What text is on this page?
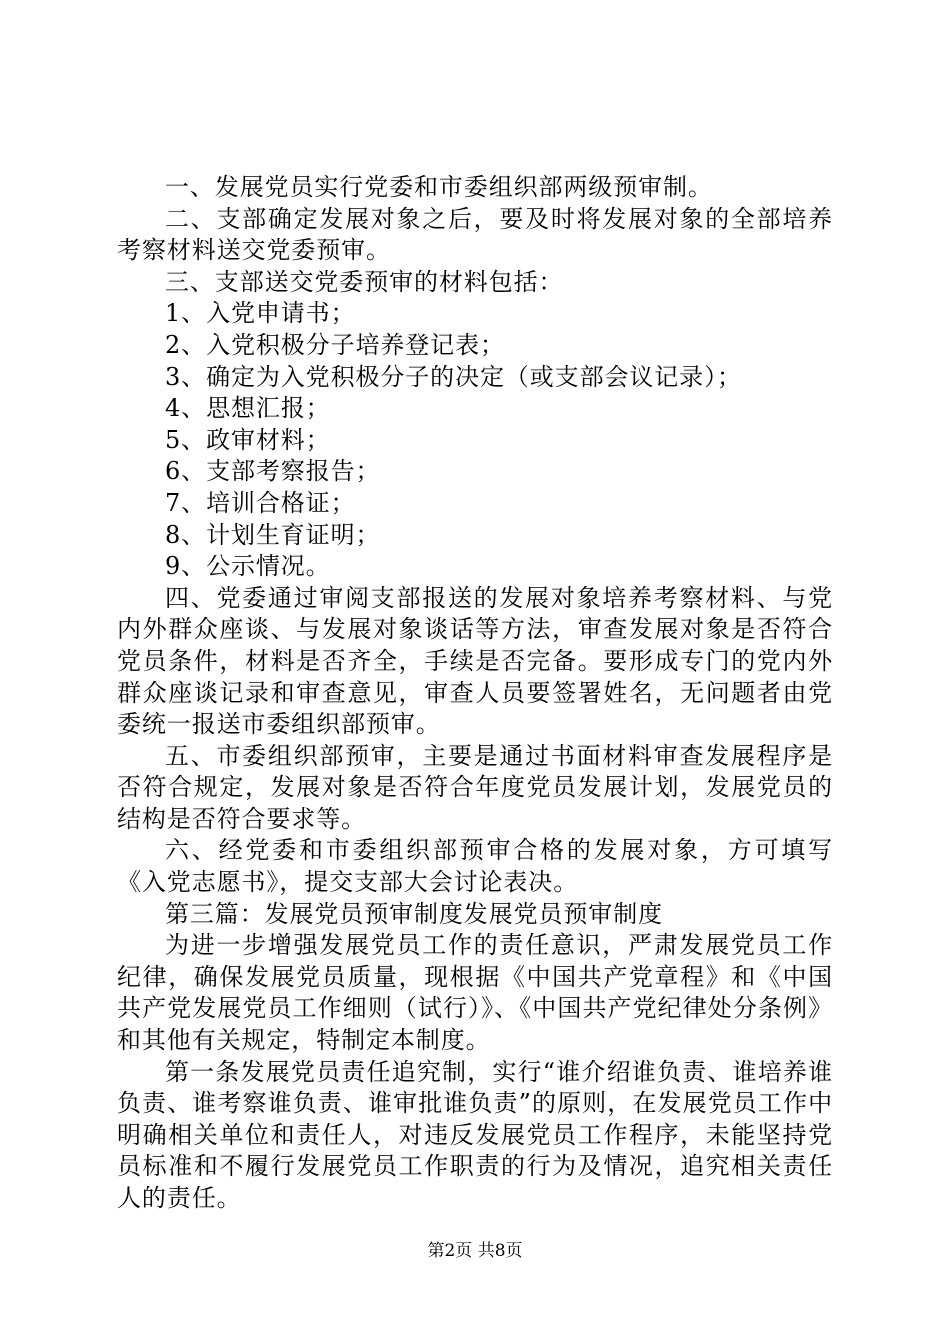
一、发展党员实行党委和市委组织部两级预审制。

二、支部确定发展对象之后，要及时将发展对象的全部培养考察材料送交党委预审。

三、支部送交党委预审的材料包括：

1、入党申请书；

2、入党积极分子培养登记表；

3、确定为入党积极分子的决定（或支部会议记录）；

4、思想汇报；

5、政审材料；

6、支部考察报告；

7、培训合格证；

8、计划生育证明；

9、公示情况。

四、党委通过审阅支部报送的发展对象培养考察材料、与党内外群众座谈、与发展对象谈话等方法，审查发展对象是否符合党员条件，材料是否齐全，手续是否完备。要形成专门的党内外群众座谈记录和审查意见，审查人员要签署姓名，无问题者由党委统一报送市委组织部预审。

五、市委组织部预审，主要是通过书面材料审查发展程序是否符合规定，发展对象是否符合年度党员发展计划，发展党员的结构是否符合要求等。

六、经党委和市委组织部预审合格的发展对象，方可填写《入党志愿书》，提交支部大会讨论表决。

第三篇：发展党员预审制度发展党员预审制度

为进一步增强发展党员工作的责任意识，严肃发展党员工作纪律，确保发展党员质量，现根据《中国共产党章程》和《中国共产党发展党员工作细则（试行）》、《中国共产党纪律处分条例》和其他有关规定，特制定本制度。

第一条发展党员责任追究制，实行“谁介绍谁负责、谁培养谁负责、谁考察谁负责、谁审批谁负责”的原则，在发展党员工作中明确相关单位和责任人，对违反发展党员工作程序，未能坚持党员标准和不履行发展党员工作职责的行为及情况，追究相关责任人的责任。

第2页 共8页
